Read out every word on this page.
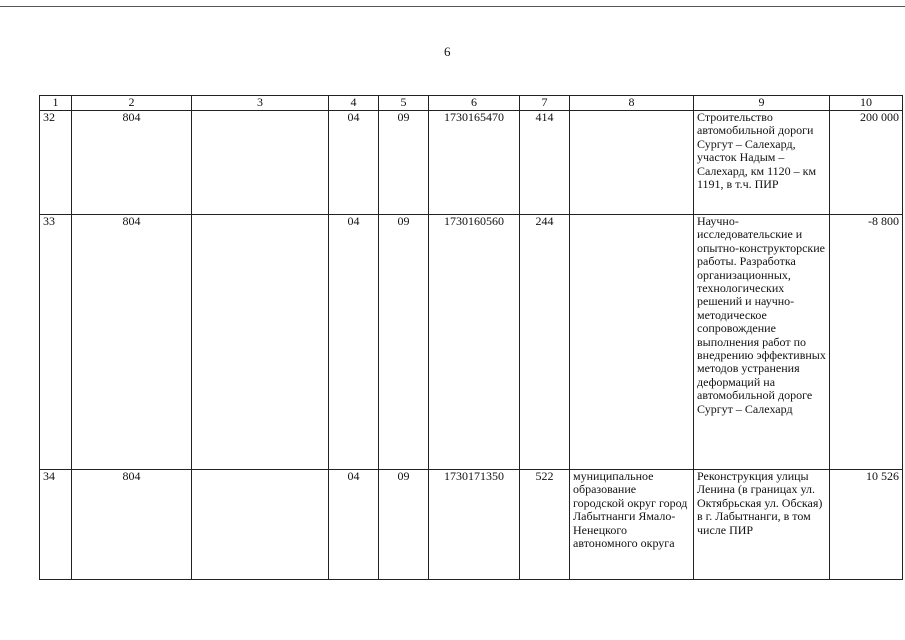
6
1	2	3	4	5	6	7	8	9	10
32	804		04	09	1730165470	414		Строительство автомобильной дороги Сургут – Салехард, участок Надым – Салехард, км 1120 – км 1191, в т.ч. ПИР	200 000
33	804		04	09	1730160560	244		Научно-исследовательские и опытно-конструкторские работы. Разработка организационных, технологических решений и научно-методическое сопровождение выполнения работ по внедрению эффективных методов устранения деформаций на автомобильной дороге Сургут – Салехард	-8 800
34	804		04	09	1730171350	522	муниципальное образование городской округ город Лабытнанги Ямало-Ненецкого автономного округа	Реконструкция улицы Ленина (в границах ул. Октябрьская ул. Обская) в г. Лабытнанги, в том числе ПИР	10 526
